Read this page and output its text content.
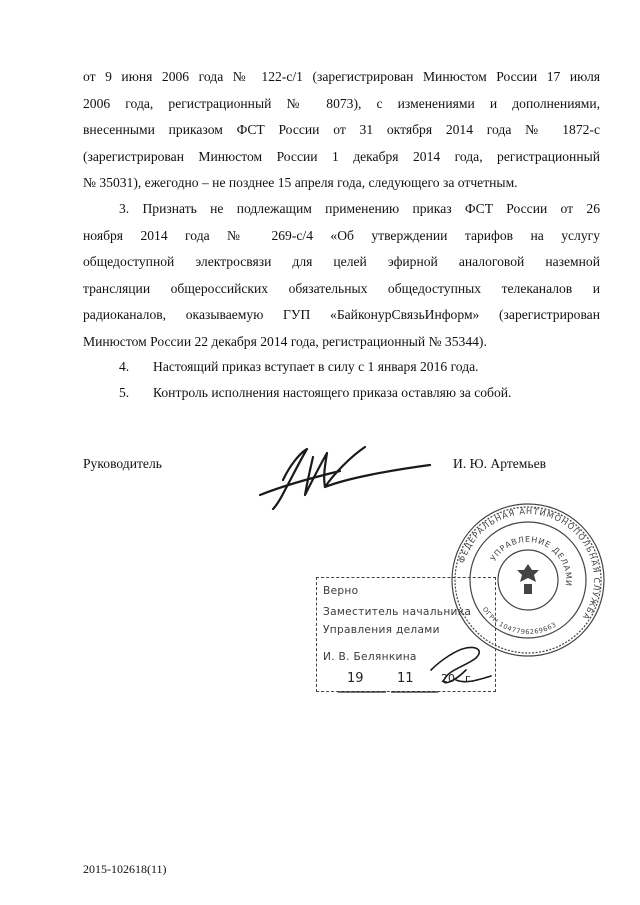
от 9 июня 2006 года № 122-с/1 (зарегистрирован Минюстом России 17 июля
2006 года, регистрационный № 8073), с изменениями и дополнениями,
внесенными приказом ФСТ России от 31 октября 2014 года № 1872-с
(зарегистрирован Минюстом России 1 декабря 2014 года, регистрационный
№ 35031), ежегодно – не позднее 15 апреля года, следующего за отчетным.
3. Признать не подлежащим применению приказ ФСТ России от 26
ноября 2014 года № 269-с/4 «Об утверждении тарифов на услугу
общедоступной электросвязи для целей эфирной аналоговой наземной
трансляции общероссийских обязательных общедоступных телеканалов и
радиоканалов, оказываемую ГУП «БайконурСвязьИнформ» (зарегистрирован
Минюстом России 22 декабря 2014 года, регистрационный № 35344).
4. Настоящий приказ вступает в силу с 1 января 2016 года.
5. Контроль исполнения настоящего приказа оставляю за собой.
Руководитель	И. Ю. Артемьев
ФЕДЕРАЛЬНАЯ АНТИМОНОПОЛЬНАЯ СЛУЖБА
УПРАВЛЕНИЕ ДЕЛАМИ
ОГРН 1047796269663
Верно
Заместитель начальника
Управления делами
И. В. Белянкина
19	11 20 г.
2015-102618(11)
